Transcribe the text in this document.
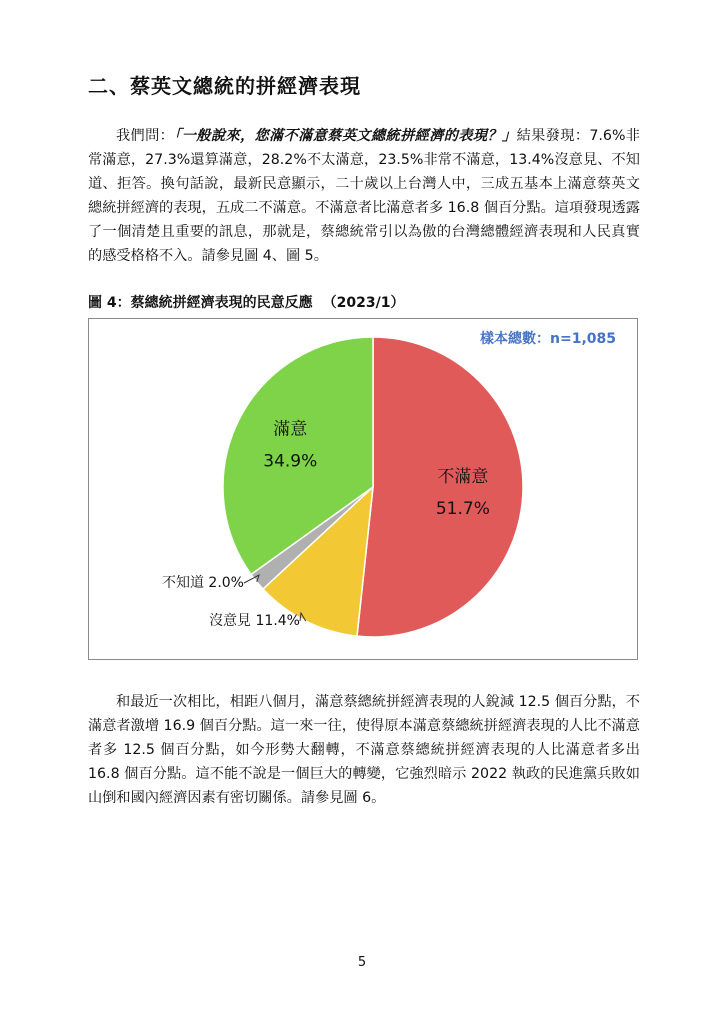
二、蔡英文總統的拼經濟表現

我們問：「一般說來，您滿不滿意蔡英文總統拼經濟的表現？」結果發現：7.6%非常滿意，27.3%還算滿意，28.2%不太滿意，23.5%非常不滿意，13.4%沒意見、不知道、拒答。換句話說，最新民意顯示，二十歲以上台灣人中，三成五基本上滿意蔡英文總統拼經濟的表現，五成二不滿意。不滿意者比滿意者多 16.8 個百分點。這項發現透露了一個清楚且重要的訊息，那就是，蔡總統常引以為傲的台灣總體經濟表現和人民真實的感受格格不入。請參見圖 4、圖 5。

圖 4：蔡總統拼經濟表現的民意反應 （2023/1）
樣本總數：n=1,085
不滿意
51.7%
沒意見 11.4%
不知道 2.0%
滿意
34.9%

和最近一次相比，相距八個月，滿意蔡總統拼經濟表現的人銳減 12.5 個百分點，不滿意者激增 16.9 個百分點。這一來一往，使得原本滿意蔡總統拼經濟表現的人比不滿意者多 12.5 個百分點，如今形勢大翻轉，不滿意蔡總統拼經濟表現的人比滿意者多出 16.8 個百分點。這不能不說是一個巨大的轉變，它強烈暗示 2022 執政的民進黨兵敗如山倒和國內經濟因素有密切關係。請參見圖 6。

5
